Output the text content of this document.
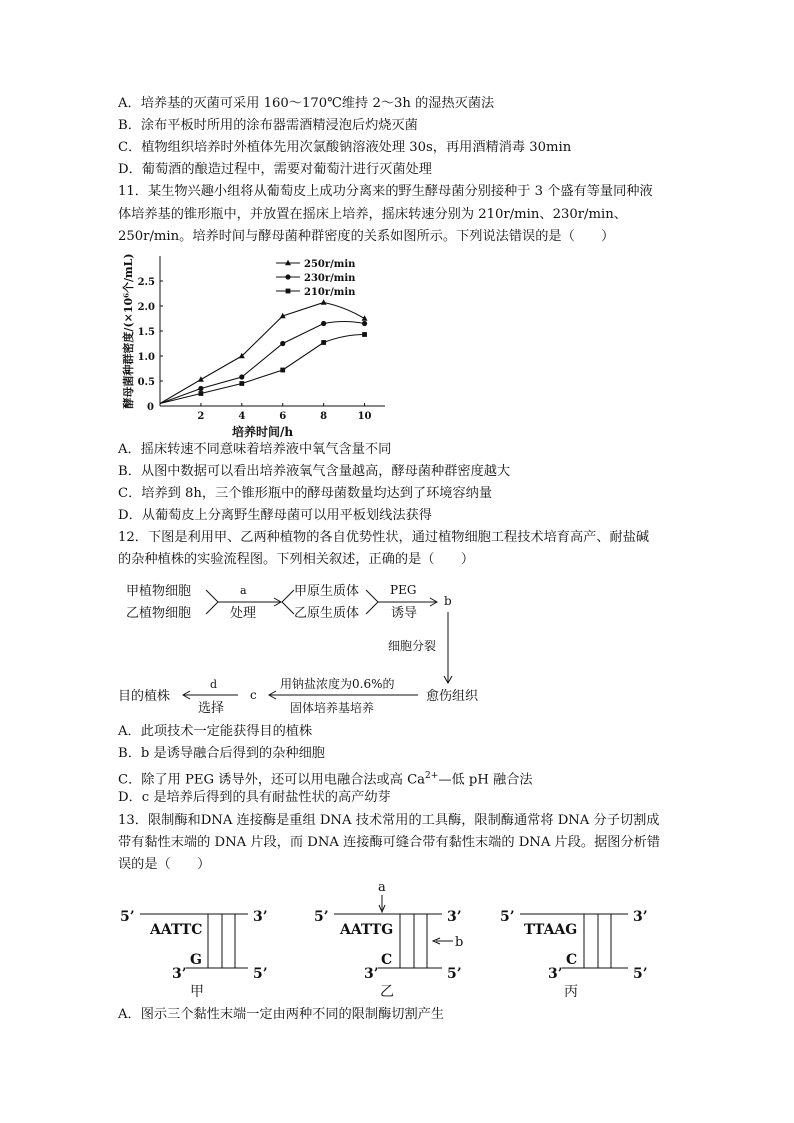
A．培养基的灭菌可采用 160～170℃维持 2～3h 的湿热灭菌法
B．涂布平板时所用的涂布器需酒精浸泡后灼烧灭菌
C．植物组织培养时外植体先用次氯酸钠溶液处理 30s，再用酒精消毒 30min
D．葡萄酒的酿造过程中，需要对葡萄汁进行灭菌处理
11．某生物兴趣小组将从葡萄皮上成功分离来的野生酵母菌分别接种于 3 个盛有等量同种液
体培养基的锥形瓶中，并放置在摇床上培养，摇床转速分别为 210r/min、230r/min、
250r/min。培养时间与酵母菌种群密度的关系如图所示。下列说法错误的是（　　）
2	4	6	8	10
0
0.5
1.0
1.5
2.0
2.5
培养时间/h
酵母菌种群密度/(×10⁶个/mL)	250r/min
230r/min
210r/min
A．摇床转速不同意味着培养液中氧气含量不同
B．从图中数据可以看出培养液氧气含量越高，酵母菌种群密度越大
C．培养到 8h，三个锥形瓶中的酵母菌数量均达到了环境容纳量
D．从葡萄皮上分离野生酵母菌可以用平板划线法获得
12．下图是利用甲、乙两种植物的各自优势性状，通过植物细胞工程技术培育高产、耐盐碱
的杂种植株的实验流程图。下列相关叙述，正确的是（　　）
甲植物细胞
乙植物细胞
a
处理
甲原生质体
乙原生质体
PEG
诱导
b
细胞分裂
愈伤组织
用钠盐浓度为0.6%的
固体培养基培养
c
d
选择
目的植株
A．此项技术一定能获得目的植株
B．b 是诱导融合后得到的杂种细胞
C．除了用 PEG 诱导外，还可以用电融合法或高 $Ca^{2+}—$低 pH 融合法
D．c 是培养后得到的具有耐盐性状的高产幼芽
13．限制酶和DNA 连接酶是重组 DNA 技术常用的工具酶，限制酶通常将 DNA 分子切割成
带有黏性末端的 DNA 片段，而 DNA 连接酶可缝合带有黏性末端的 DNA 片段。据图分析错
误的是（　　）
5’	3’
AATTC
3’
G
5’
甲
5’	3’
a
AATTG
b
3’
C
5’
乙
5’	3’
TTAAG
3’
C
5’
丙
A．图示三个黏性末端一定由两种不同的限制酶切割产生
